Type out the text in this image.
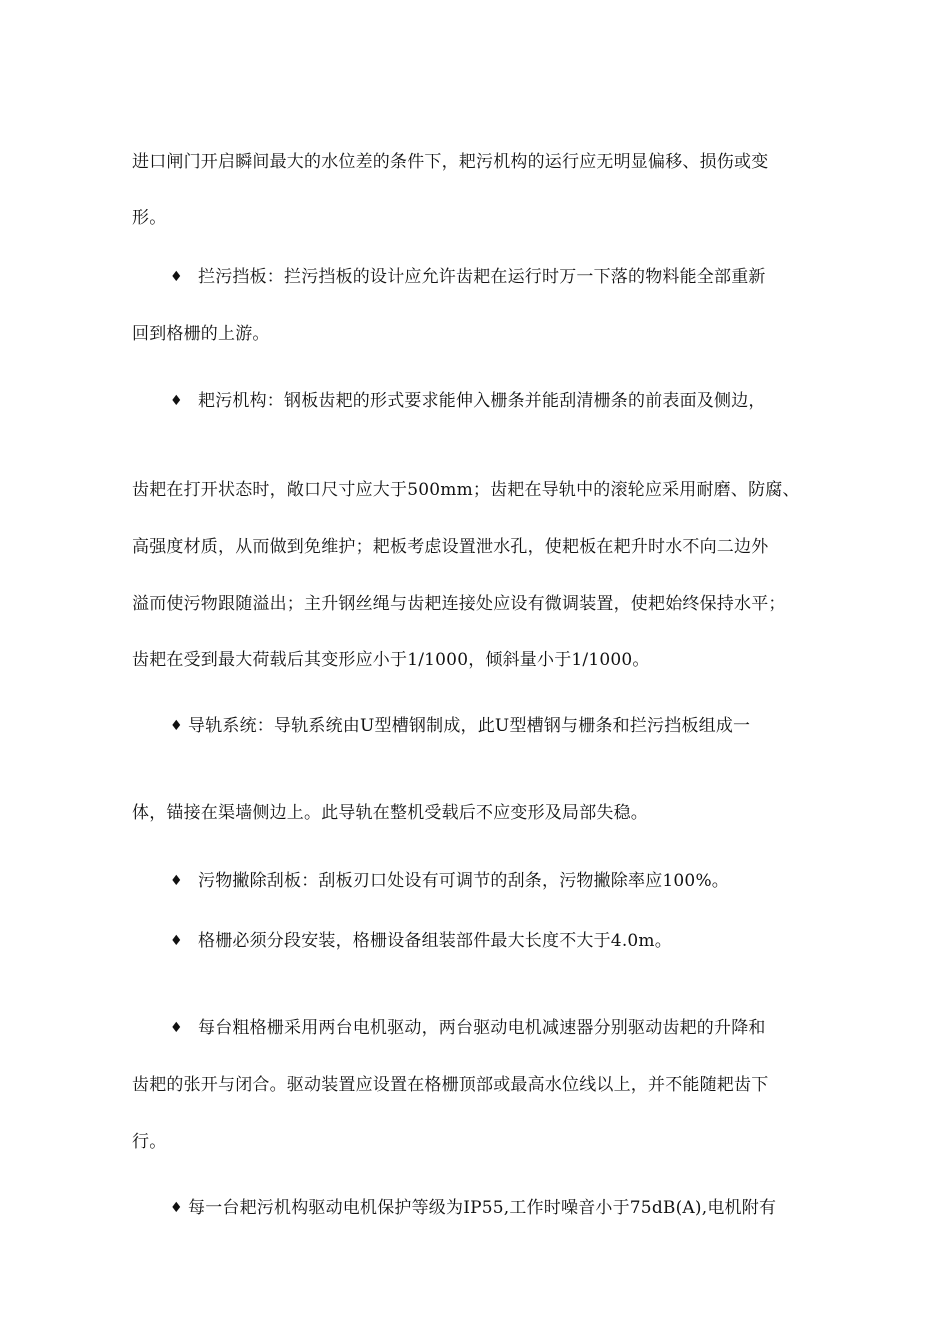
进口闸门开启瞬间最大的水位差的条件下，耙污机构的运行应无明显偏移、损伤或变
形。
♦ 拦污挡板：拦污挡板的设计应允许齿耙在运行时万一下落的物料能全部重新
回到格栅的上游。
♦ 耙污机构：钢板齿耙的形式要求能伸入栅条并能刮清栅条的前表面及侧边，
齿耙在打开状态时，敞口尺寸应大于500mm；齿耙在导轨中的滚轮应采用耐磨、防腐、
高强度材质，从而做到免维护；耙板考虑设置泄水孔，使耙板在耙升时水不向二边外
溢而使污物跟随溢出；主升钢丝绳与齿耙连接处应设有微调装置，使耙始终保持水平；
齿耙在受到最大荷载后其变形应小于1/1000，倾斜量小于1/1000。
♦ 导轨系统：导轨系统由U型槽钢制成，此U型槽钢与栅条和拦污挡板组成一
体，锚接在渠墙侧边上。此导轨在整机受载后不应变形及局部失稳。
♦ 污物撇除刮板：刮板刃口处设有可调节的刮条，污物撇除率应100%。
♦ 格栅必须分段安装，格栅设备组装部件最大长度不大于4.0m。
♦ 每台粗格栅采用两台电机驱动，两台驱动电机减速器分别驱动齿耙的升降和
齿耙的张开与闭合。驱动装置应设置在格栅顶部或最高水位线以上，并不能随耙齿下
行。
♦ 每一台耙污机构驱动电机保护等级为IP55,工作时噪音小于75dB(A),电机附有
